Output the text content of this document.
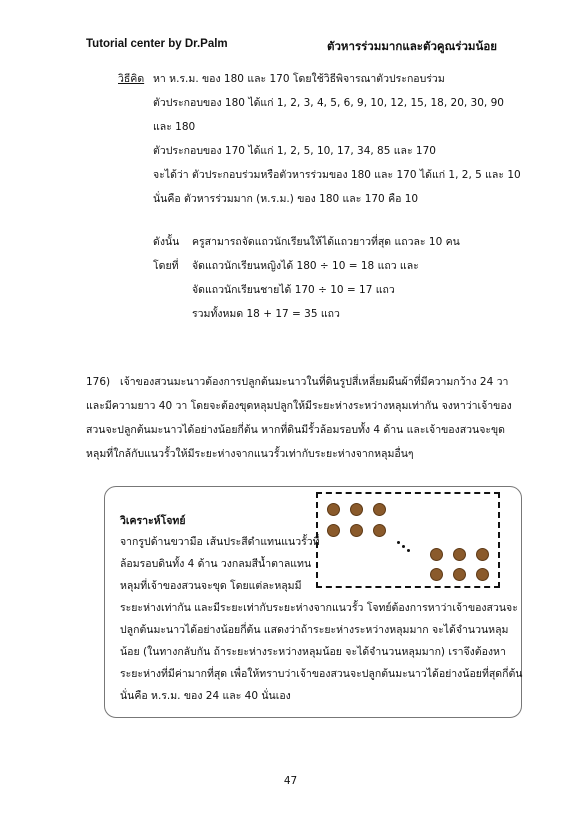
Tutorial center by Dr.Palm	ตัวหารร่วมมากและตัวคูณร่วมน้อย
วิธีคิด หา ห.ร.ม. ของ 180 และ 170 โดยใช้วิธีพิจารณาตัวประกอบร่วม
ตัวประกอบของ 180 ได้แก่ 1, 2, 3, 4, 5, 6, 9, 10, 12, 15, 18, 20, 30, 90
และ 180
ตัวประกอบของ 170 ได้แก่ 1, 2, 5, 10, 17, 34, 85 และ 170
จะได้ว่า ตัวประกอบร่วมหรือตัวหารร่วมของ 180 และ 170 ได้แก่ 1, 2, 5 และ 10
นั่นคือ ตัวหารร่วมมาก (ห.ร.ม.) ของ 180 และ 170 คือ 10
ดังนั้น ครูสามารถจัดแถวนักเรียนให้ได้แถวยาวที่สุด แถวละ 10 คน
โดยที่ จัดแถวนักเรียนหญิงได้ 180 ÷ 10 = 18 แถว และ
จัดแถวนักเรียนชายได้ 170 ÷ 10 = 17 แถว
รวมทั้งหมด 18 + 17 = 35 แถว
176) เจ้าของสวนมะนาวต้องการปลูกต้นมะนาวในที่ดินรูปสี่เหลี่ยมผืนผ้าที่มีความกว้าง 24 วา
และมีความยาว 40 วา โดยจะต้องขุดหลุมปลูกให้มีระยะห่างระหว่างหลุมเท่ากัน จงหาว่าเจ้าของ
สวนจะปลูกต้นมะนาวได้อย่างน้อยกี่ต้น หากที่ดินมีรั้วล้อมรอบทั้ง 4 ด้าน และเจ้าของสวนจะขุด
หลุมที่ใกล้กับแนวรั้วให้มีระยะห่างจากแนวรั้วเท่ากับระยะห่างจากหลุมอื่นๆ
วิเคราะห์โจทย์
จากรูปด้านขวามือ เส้นประสีดำแทนแนวรั้วที่
ล้อมรอบดินทั้ง 4 ด้าน วงกลมสีน้ำตาลแทน
หลุมที่เจ้าของสวนจะขุด โดยแต่ละหลุมมี
ระยะห่างเท่ากัน และมีระยะเท่ากับระยะห่างจากแนวรั้ว โจทย์ต้องการหาว่าเจ้าของสวนจะ
ปลูกต้นมะนาวได้อย่างน้อยกี่ต้น แสดงว่าถ้าระยะห่างระหว่างหลุมมาก จะได้จำนวนหลุม
น้อย (ในทางกลับกัน ถ้าระยะห่างระหว่างหลุมน้อย จะได้จำนวนหลุมมาก) เราจึงต้องหา
ระยะห่างที่มีค่ามากที่สุด เพื่อให้ทราบว่าเจ้าของสวนจะปลูกต้นมะนาวได้อย่างน้อยที่สุดกี่ต้น
นั่นคือ ห.ร.ม. ของ 24 และ 40 นั่นเอง
47
